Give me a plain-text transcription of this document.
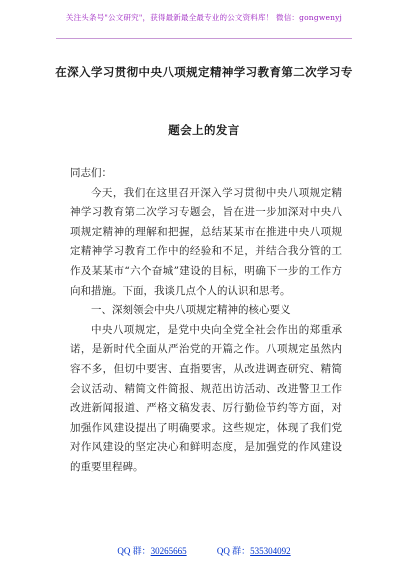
关注头条号"公文研究"，获得最新最全最专业的公文资料库！ 微信：gongwenyj
在深入学习贯彻中央八项规定精神学习教育第二次学习专
题会上的发言

同志们：

今天，我们在这里召开深入学习贯彻中央八项规定精神学习教育第二次学习专题会，旨在进一步加深对中央八项规定精神的理解和把握，总结某某市在推进中央八项规定精神学习教育工作中的经验和不足，并结合我分管的工作及某某市“六个奋城”建设的目标，明确下一步的工作方向和措施。下面，我谈几点个人的认识和思考。

一、深刻领会中央八项规定精神的核心要义

中央八项规定，是党中央向全党全社会作出的郑重承诺，是新时代全面从严治党的开篇之作。八项规定虽然内容不多，但切中要害、直指要害，从改进调查研究、精简会议活动、精简文件简报、规范出访活动、改进警卫工作改进新闻报道、严格文稿发表、厉行勤俭节约等方面，对加强作风建设提出了明确要求。这些规定，体现了我们党对作风建设的坚定决心和鲜明态度，是加强党的作风建设的重要里程碑。

QQ 群：30265665	QQ 群：535304092
